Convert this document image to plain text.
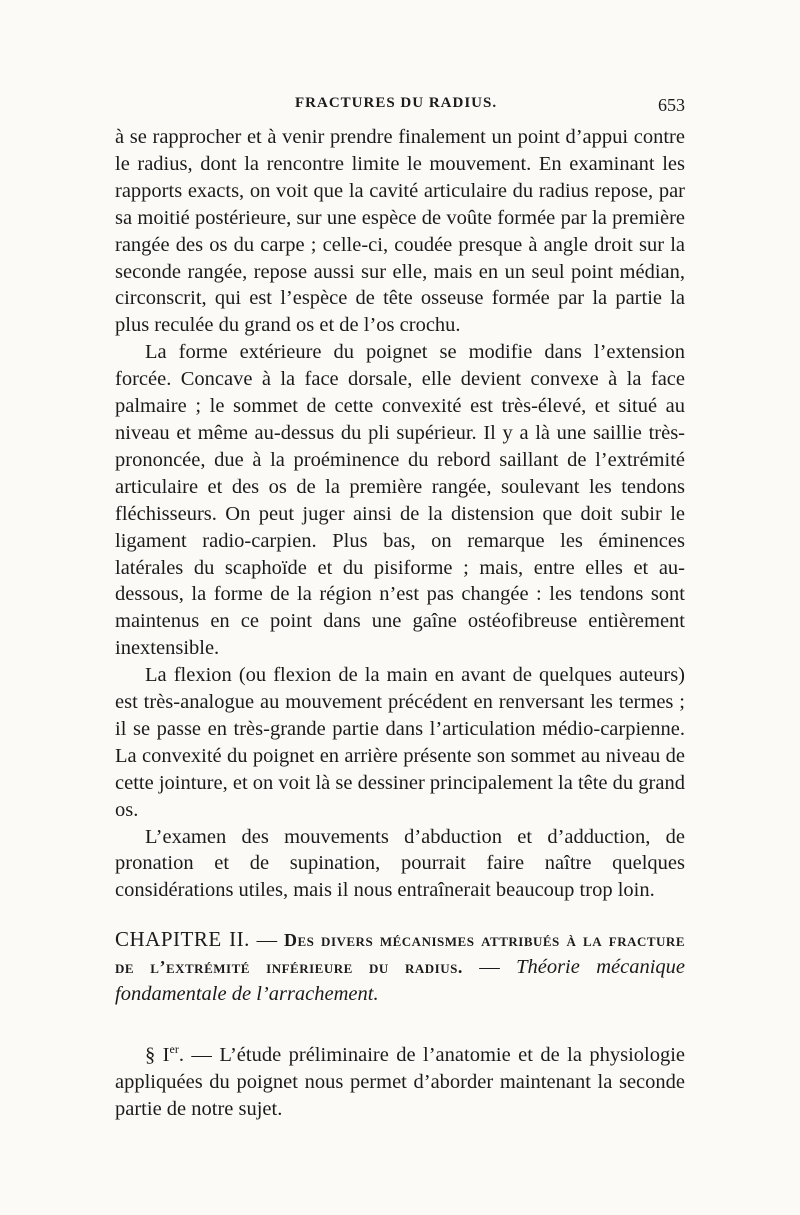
FRACTURES DU RADIUS.	653

à se rapprocher et à venir prendre finalement un point d’appui contre le radius, dont la rencontre limite le mouvement. En examinant les rapports exacts, on voit que la cavité articulaire du radius repose, par sa moitié postérieure, sur une espèce de voûte formée par la première rangée des os du carpe ; celle-ci, coudée presque à angle droit sur la seconde rangée, repose aussi sur elle, mais en un seul point médian, circonscrit, qui est l’espèce de tête osseuse formée par la partie la plus reculée du grand os et de l’os crochu.

La forme extérieure du poignet se modifie dans l’extension forcée. Concave à la face dorsale, elle devient convexe à la face palmaire ; le sommet de cette convexité est très-élevé, et situé au niveau et même au-dessus du pli supérieur. Il y a là une saillie très-prononcée, due à la proéminence du rebord saillant de l’extrémité articulaire et des os de la première rangée, soulevant les tendons fléchisseurs. On peut juger ainsi de la distension que doit subir le ligament radio-carpien. Plus bas, on remarque les éminences latérales du scaphoïde et du pisiforme ; mais, entre elles et au-dessous, la forme de la région n’est pas changée : les tendons sont maintenus en ce point dans une gaîne ostéofibreuse entièrement inextensible.

La flexion (ou flexion de la main en avant de quelques auteurs) est très-analogue au mouvement précédent en renversant les termes ; il se passe en très-grande partie dans l’articulation médio-carpienne. La convexité du poignet en arrière présente son sommet au niveau de cette jointure, et on voit là se dessiner principalement la tête du grand os.

L’examen des mouvements d’abduction et d’adduction, de pronation et de supination, pourrait faire naître quelques considérations utiles, mais il nous entraînerait beaucoup trop loin.

CHAPITRE II. — Des divers mécanismes attribués à la fracture de l’extrémité inférieure du radius. — Théorie mécanique fondamentale de l’arrachement.

§ Ier. — L’étude préliminaire de l’anatomie et de la physiologie appliquées du poignet nous permet d’aborder maintenant la seconde partie de notre sujet.
